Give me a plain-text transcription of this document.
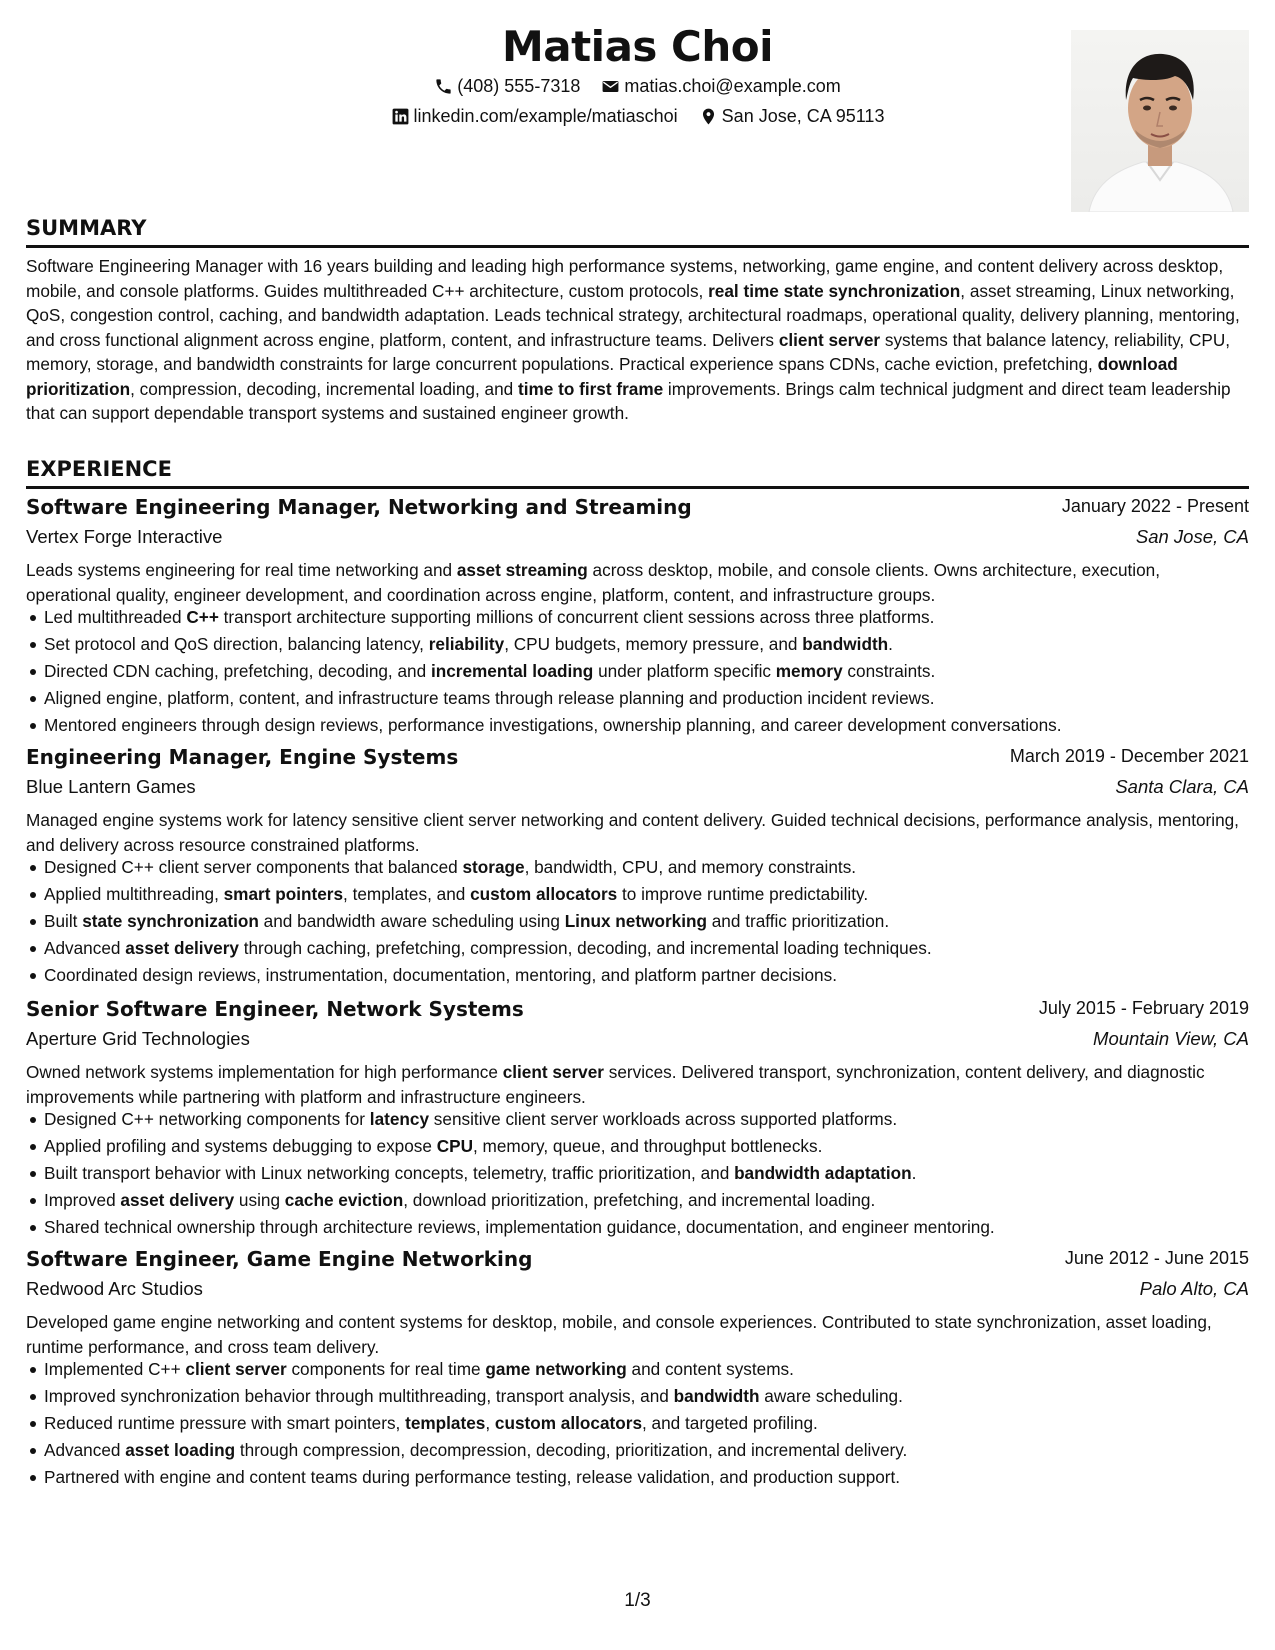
Matias Choi
(408) 555-7318
matias.choi@example.com
linkedin.com/example/matiaschoi
San Jose, CA 95113
SUMMARY
Software Engineering Manager with 16 years building and leading high performance systems, networking, game engine, and content delivery across desktop, mobile, and console platforms. Guides multithreaded C++ architecture, custom protocols, real time state synchronization, asset streaming, Linux networking, QoS, congestion control, caching, and bandwidth adaptation. Leads technical strategy, architectural roadmaps, operational quality, delivery planning, mentoring, and cross functional alignment across engine, platform, content, and infrastructure teams. Delivers client server systems that balance latency, reliability, CPU, memory, storage, and bandwidth constraints for large concurrent populations. Practical experience spans CDNs, cache eviction, prefetching, download prioritization, compression, decoding, incremental loading, and time to first frame improvements. Brings calm technical judgment and direct team leadership that can support dependable transport systems and sustained engineer growth.
EXPERIENCE
Software Engineering Manager, Networking and Streaming	January 2022 - Present
Vertex Forge Interactive	San Jose, CA
Leads systems engineering for real time networking and asset streaming across desktop, mobile, and console clients. Owns architecture, execution, operational quality, engineer development, and coordination across engine, platform, content, and infrastructure groups.
Led multithreaded C++ transport architecture supporting millions of concurrent client sessions across three platforms.
Set protocol and QoS direction, balancing latency, reliability, CPU budgets, memory pressure, and bandwidth.
Directed CDN caching, prefetching, decoding, and incremental loading under platform specific memory constraints.
Aligned engine, platform, content, and infrastructure teams through release planning and production incident reviews.
Mentored engineers through design reviews, performance investigations, ownership planning, and career development conversations.
Engineering Manager, Engine Systems	March 2019 - December 2021
Blue Lantern Games	Santa Clara, CA
Managed engine systems work for latency sensitive client server networking and content delivery. Guided technical decisions, performance analysis, mentoring, and delivery across resource constrained platforms.
Designed C++ client server components that balanced storage, bandwidth, CPU, and memory constraints.
Applied multithreading, smart pointers, templates, and custom allocators to improve runtime predictability.
Built state synchronization and bandwidth aware scheduling using Linux networking and traffic prioritization.
Advanced asset delivery through caching, prefetching, compression, decoding, and incremental loading techniques.
Coordinated design reviews, instrumentation, documentation, mentoring, and platform partner decisions.
Senior Software Engineer, Network Systems	July 2015 - February 2019
Aperture Grid Technologies	Mountain View, CA
Owned network systems implementation for high performance client server services. Delivered transport, synchronization, content delivery, and diagnostic improvements while partnering with platform and infrastructure engineers.
Designed C++ networking components for latency sensitive client server workloads across supported platforms.
Applied profiling and systems debugging to expose CPU, memory, queue, and throughput bottlenecks.
Built transport behavior with Linux networking concepts, telemetry, traffic prioritization, and bandwidth adaptation.
Improved asset delivery using cache eviction, download prioritization, prefetching, and incremental loading.
Shared technical ownership through architecture reviews, implementation guidance, documentation, and engineer mentoring.
Software Engineer, Game Engine Networking	June 2012 - June 2015
Redwood Arc Studios	Palo Alto, CA
Developed game engine networking and content systems for desktop, mobile, and console experiences. Contributed to state synchronization, asset loading, runtime performance, and cross team delivery.
Implemented C++ client server components for real time game networking and content systems.
Improved synchronization behavior through multithreading, transport analysis, and bandwidth aware scheduling.
Reduced runtime pressure with smart pointers, templates, custom allocators, and targeted profiling.
Advanced asset loading through compression, decompression, decoding, prioritization, and incremental delivery.
Partnered with engine and content teams during performance testing, release validation, and production support.
1/3
